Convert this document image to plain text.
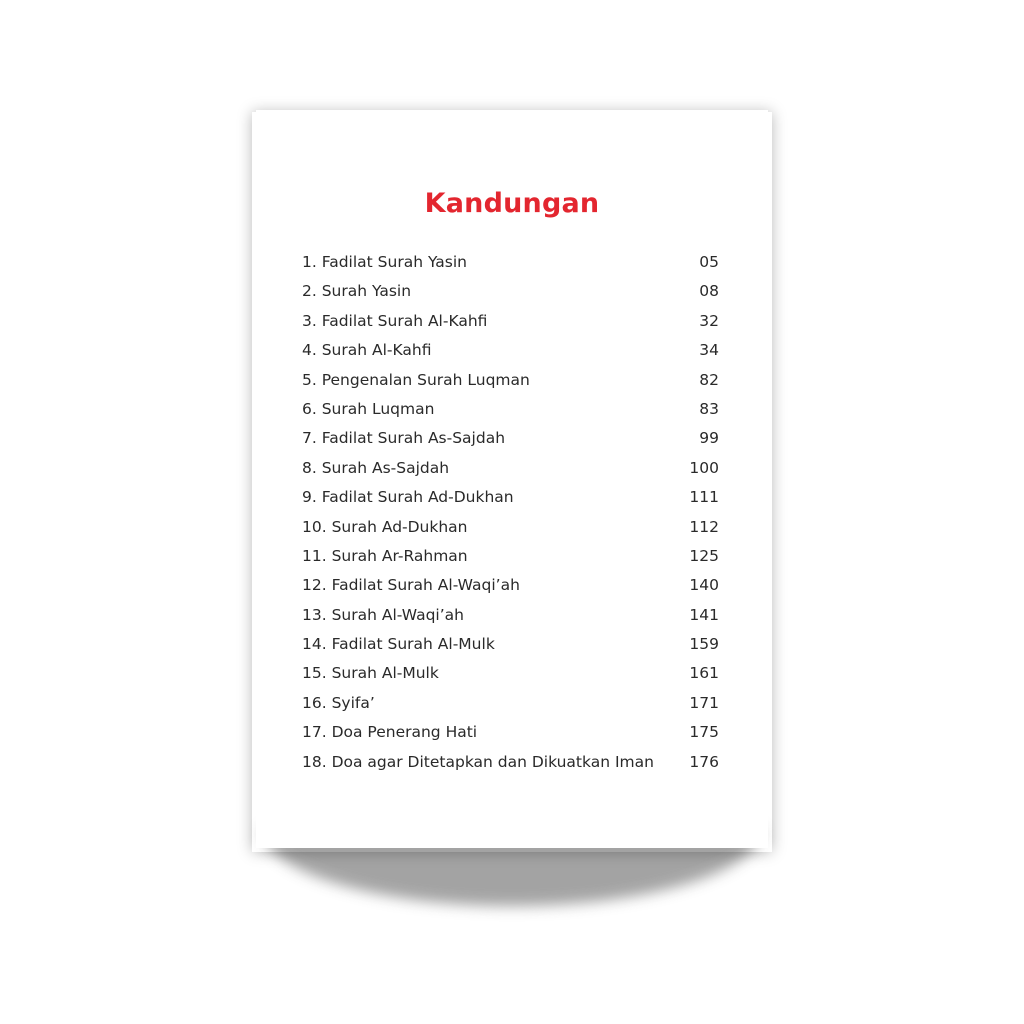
Kandungan
1. Fadilat Surah Yasin	05
2. Surah Yasin	08
3. Fadilat Surah Al-Kahfi	32
4. Surah Al-Kahfi	34
5. Pengenalan Surah Luqman	82
6. Surah Luqman	83
7. Fadilat Surah As-Sajdah	99
8. Surah As-Sajdah	100
9. Fadilat Surah Ad-Dukhan	111
10. Surah Ad-Dukhan	112
11. Surah Ar-Rahman	125
12. Fadilat Surah Al-Waqi’ah	140
13. Surah Al-Waqi’ah	141
14. Fadilat Surah Al-Mulk	159
15. Surah Al-Mulk	161
16. Syifa’	171
17. Doa Penerang Hati	175
18. Doa agar Ditetapkan dan Dikuatkan Iman 176
